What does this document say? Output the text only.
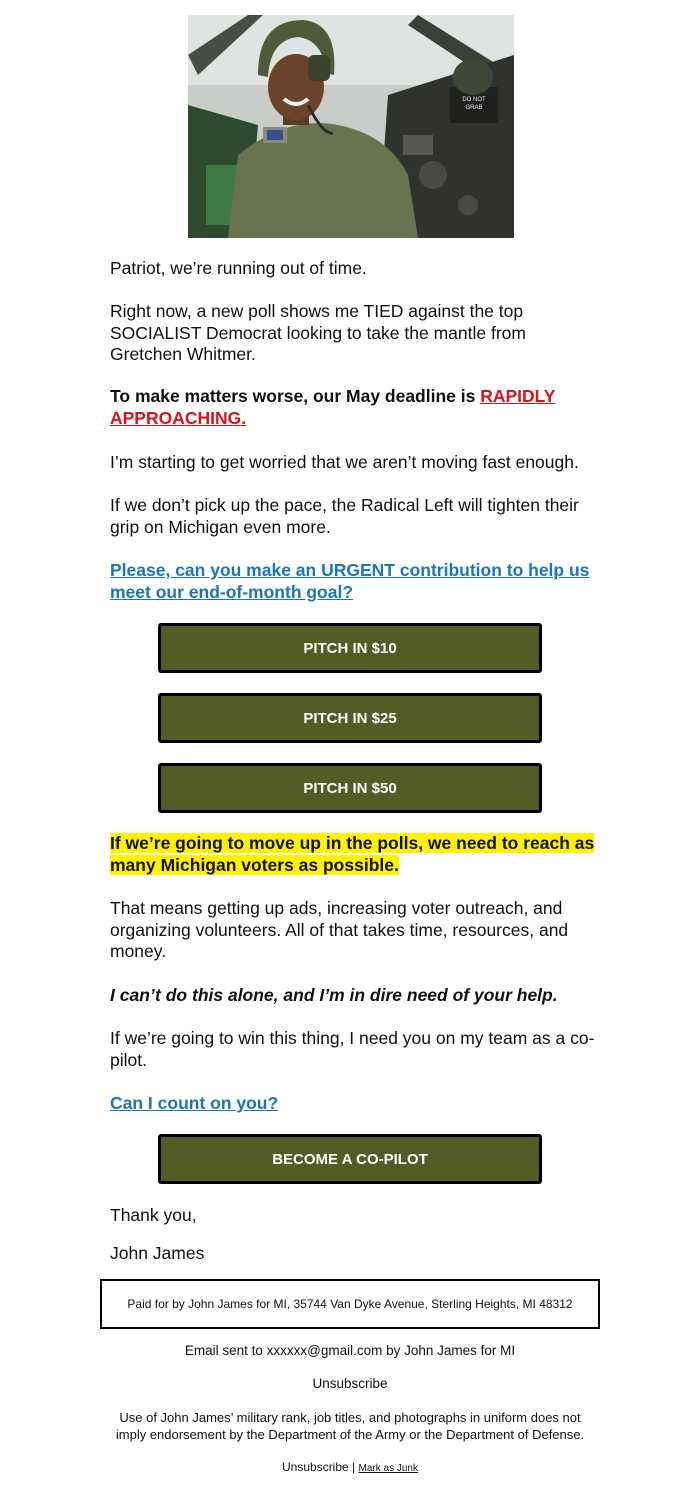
DO NOT
GRAB

Patriot, we’re running out of time.

Right now, a new poll shows me TIED against the top SOCIALIST Democrat looking to take the mantle from Gretchen Whitmer.

To make matters worse, our May deadline is RAPIDLY APPROACHING.

I’m starting to get worried that we aren’t moving fast enough.

If we don’t pick up the pace, the Radical Left will tighten their grip on Michigan even more.

Please, can you make an URGENT contribution to help us meet our end-of-month goal?

PITCH IN $10
PITCH IN $25
PITCH IN $50

If we’re going to move up in the polls, we need to reach as many Michigan voters as possible.

That means getting up ads, increasing voter outreach, and organizing volunteers. All of that takes time, resources, and money.

I can’t do this alone, and I’m in dire need of your help.

If we’re going to win this thing, I need you on my team as a co-pilot.

Can I count on you?

BECOME A CO-PILOT

Thank you,

John James

Paid for by John James for MI, 35744 Van Dyke Avenue, Sterling Heights, MI 48312
Email sent to xxxxxx@gmail.com by John James for MI
Unsubscribe
Use of John James’ military rank, job titles, and photographs in uniform does not imply endorsement by the Department of the Army or the Department of Defense.
Unsubscribe | Mark as Junk
